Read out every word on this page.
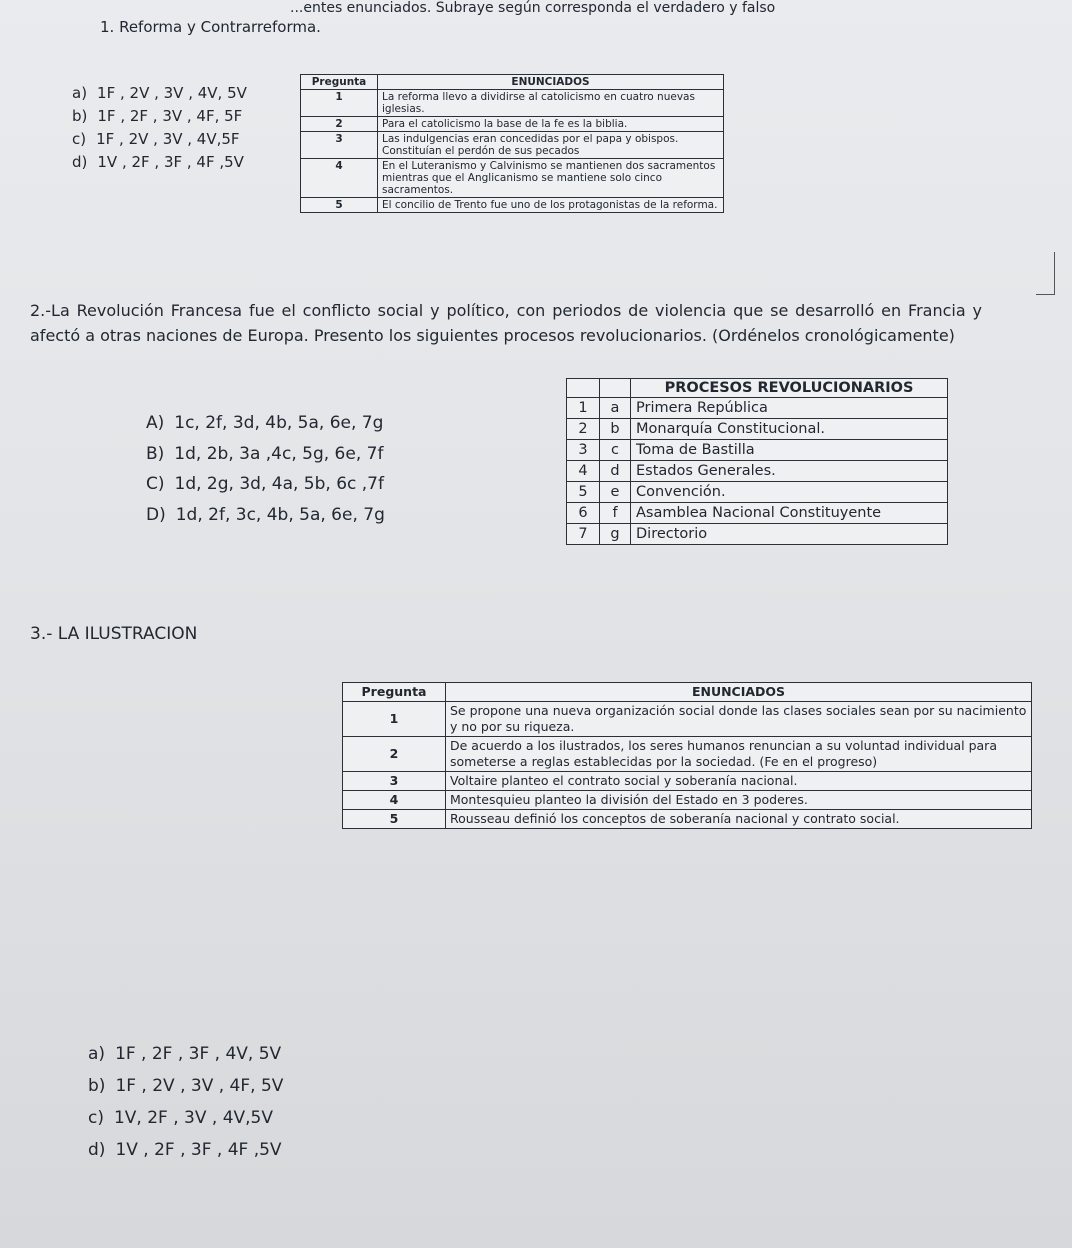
...entes enunciados. Subraye según corresponda el verdadero y falso
1. Reforma y Contrarreforma.
a) 1F , 2V , 3V , 4V, 5V
b) 1F , 2F , 3V , 4F, 5F
c) 1F , 2V , 3V , 4V,5F
d) 1V , 2F , 3F , 4F ,5V
Pregunta	ENUNCIADOS
1	La reforma llevo a dividirse al catolicismo en cuatro nuevas iglesias.
2	Para el catolicismo la base de la fe es la biblia.
3	Las indulgencias eran concedidas por el papa y obispos. Constituían el perdón de sus pecados
4	En el Luteranismo y Calvinismo se mantienen dos sacramentos mientras que el Anglicanismo se mantiene solo cinco sacramentos.
5	El concilio de Trento fue uno de los protagonistas de la reforma.
2.-La Revolución Francesa fue el conflicto social y político, con periodos de violencia que se desarrolló en Francia y afectó a otras naciones de Europa. Presento los siguientes procesos revolucionarios. (Ordénelos cronológicamente)
A) 1c, 2f, 3d, 4b, 5a, 6e, 7g
B) 1d, 2b, 3a ,4c, 5g, 6e, 7f
C) 1d, 2g, 3d, 4a, 5b, 6c ,7f
D) 1d, 2f, 3c, 4b, 5a, 6e, 7g
		PROCESOS REVOLUCIONARIOS
1	a	Primera República
2	b	Monarquía Constitucional.
3	c	Toma de Bastilla
4	d	Estados Generales.
5	e	Convención.
6	f	Asamblea Nacional Constituyente
7	g	Directorio
3.- LA ILUSTRACION
Pregunta	ENUNCIADOS
1	Se propone una nueva organización social donde las clases sociales sean por su nacimiento y no por su riqueza.
2	De acuerdo a los ilustrados, los seres humanos renuncian a su voluntad individual para someterse a reglas establecidas por la sociedad. (Fe en el progreso)
3	Voltaire planteo el contrato social y soberanía nacional.
4	Montesquieu planteo la división del Estado en 3 poderes.
5	Rousseau definió los conceptos de soberanía nacional y contrato social.
a) 1F , 2F , 3F , 4V, 5V
b) 1F , 2V , 3V , 4F, 5V
c) 1V, 2F , 3V , 4V,5V
d) 1V , 2F , 3F , 4F ,5V
